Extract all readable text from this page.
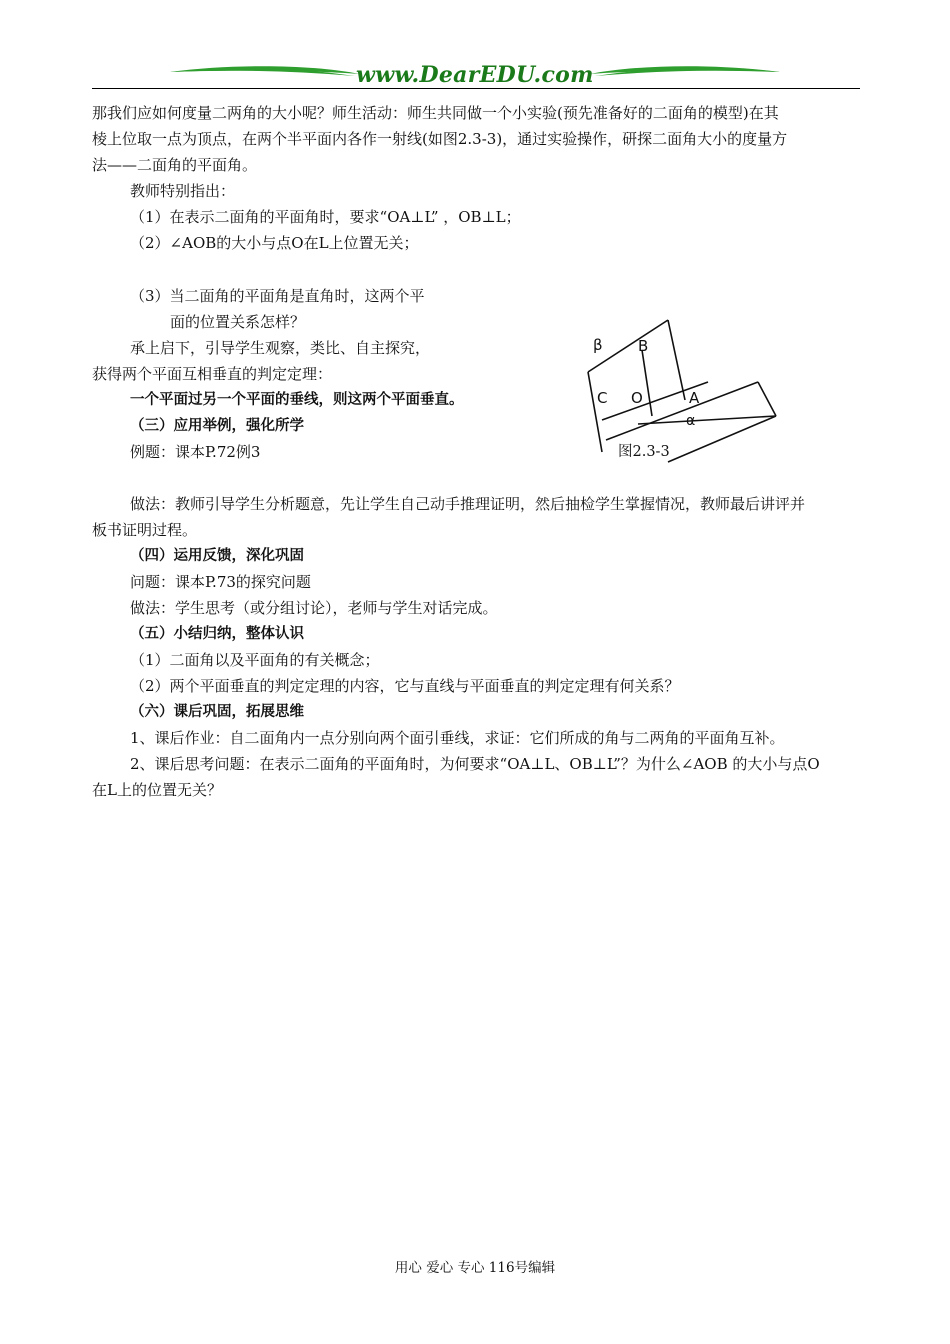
www.DearEDU.com
那我们应如何度量二两角的大小呢？师生活动：师生共同做一个小实验(预先准备好的二面角的模型)在其
棱上位取一点为顶点，在两个半平面内各作一射线(如图2.3-3)，通过实验操作，研探二面角大小的度量方
法——二面角的平面角。
教师特别指出：
（1）在表示二面角的平面角时，要求“OA⊥L” ，OB⊥L；
（2）∠AOB的大小与点O在L上位置无关；
（3）当二面角的平面角是直角时，这两个平
面的位置关系怎样？
承上启下，引导学生观察，类比、自主探究，
获得两个平面互相垂直的判定定理：
一个平面过另一个平面的垂线，则这两个平面垂直。
（三）应用举例，强化所学
例题：课本P.72例3
β B
C O	A
α
图2.3-3
做法：教师引导学生分析题意，先让学生自己动手推理证明，然后抽检学生掌握情况，教师最后讲评并
板书证明过程。
（四）运用反馈，深化巩固
问题：课本P.73的探究问题
做法：学生思考（或分组讨论），老师与学生对话完成。
（五）小结归纳，整体认识
（1）二面角以及平面角的有关概念；
（2）两个平面垂直的判定定理的内容，它与直线与平面垂直的判定定理有何关系？
（六）课后巩固，拓展思维
1、课后作业：自二面角内一点分别向两个面引垂线，求证：它们所成的角与二两角的平面角互补。
2、课后思考问题：在表示二面角的平面角时，为何要求“OA⊥L、OB⊥L”？为什么∠AOB 的大小与点O
在L上的位置无关？
用心 爱心 专心 116号编辑
